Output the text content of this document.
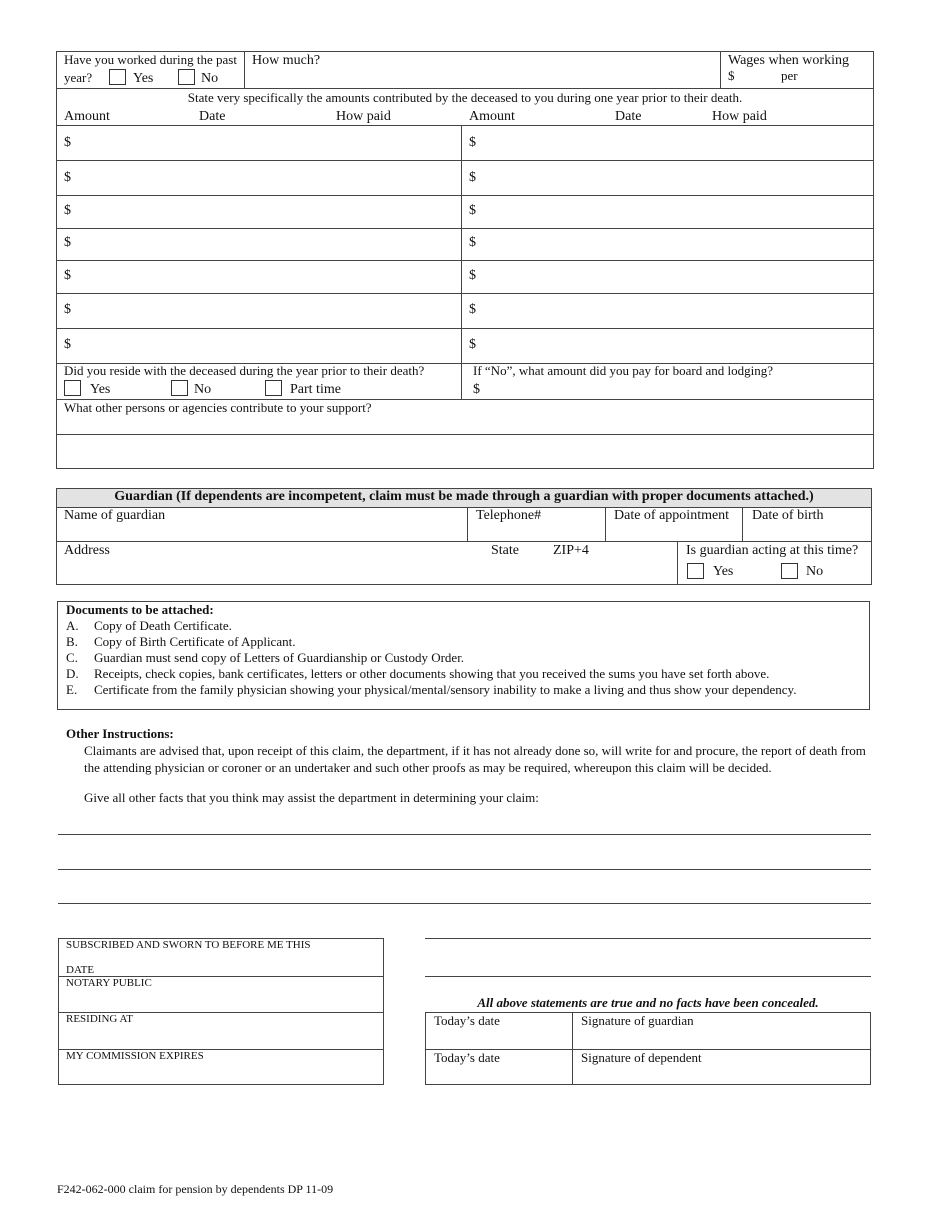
Have you worked during the past
year?	Yes	No
How much?	Wages when working
$	per
State very specifically the amounts contributed by the deceased to you during one year prior to their death.
Amount	Date	How paid	Amount	Date	How paid
$	$
$	$
$	$
$	$
$	$
$	$
$	$
Did you reside with the deceased during the year prior to their death?
Yes	No	Part time
If “No”, what amount did you pay for board and lodging?
$
What other persons or agencies contribute to your support?
Guardian (If dependents are incompetent, claim must be made through a guardian with proper documents attached.)
Name of guardian	Telephone#	Date of appointment Date of birth
Address	State ZIP+4	Is guardian acting at this time?
Yes	No
Documents to be attached:
A. Copy of Death Certificate.
B. Copy of Birth Certificate of Applicant.
C. Guardian must send copy of Letters of Guardianship or Custody Order.
D. Receipts, check copies, bank certificates, letters or other documents showing that you received the sums you have set forth above.
E. Certificate from the family physician showing your physical/mental/sensory inability to make a living and thus show your dependency.
Other Instructions:
Claimants are advised that, upon receipt of this claim, the department, if it has not already done so, will write for and procure, the report of death from the attending physician or coroner or an undertaker and such other proofs as may be required, whereupon this claim will be decided.
Give all other facts that you think may assist the department in determining your claim:
SUBSCRIBED AND SWORN TO BEFORE ME THIS
DATE
NOTARY PUBLIC
RESIDING AT
MY COMMISSION EXPIRES
All above statements are true and no facts have been concealed.
Today’s date	Signature of guardian
Today’s date	Signature of dependent
F242-062-000 claim for pension by dependents DP 11-09
